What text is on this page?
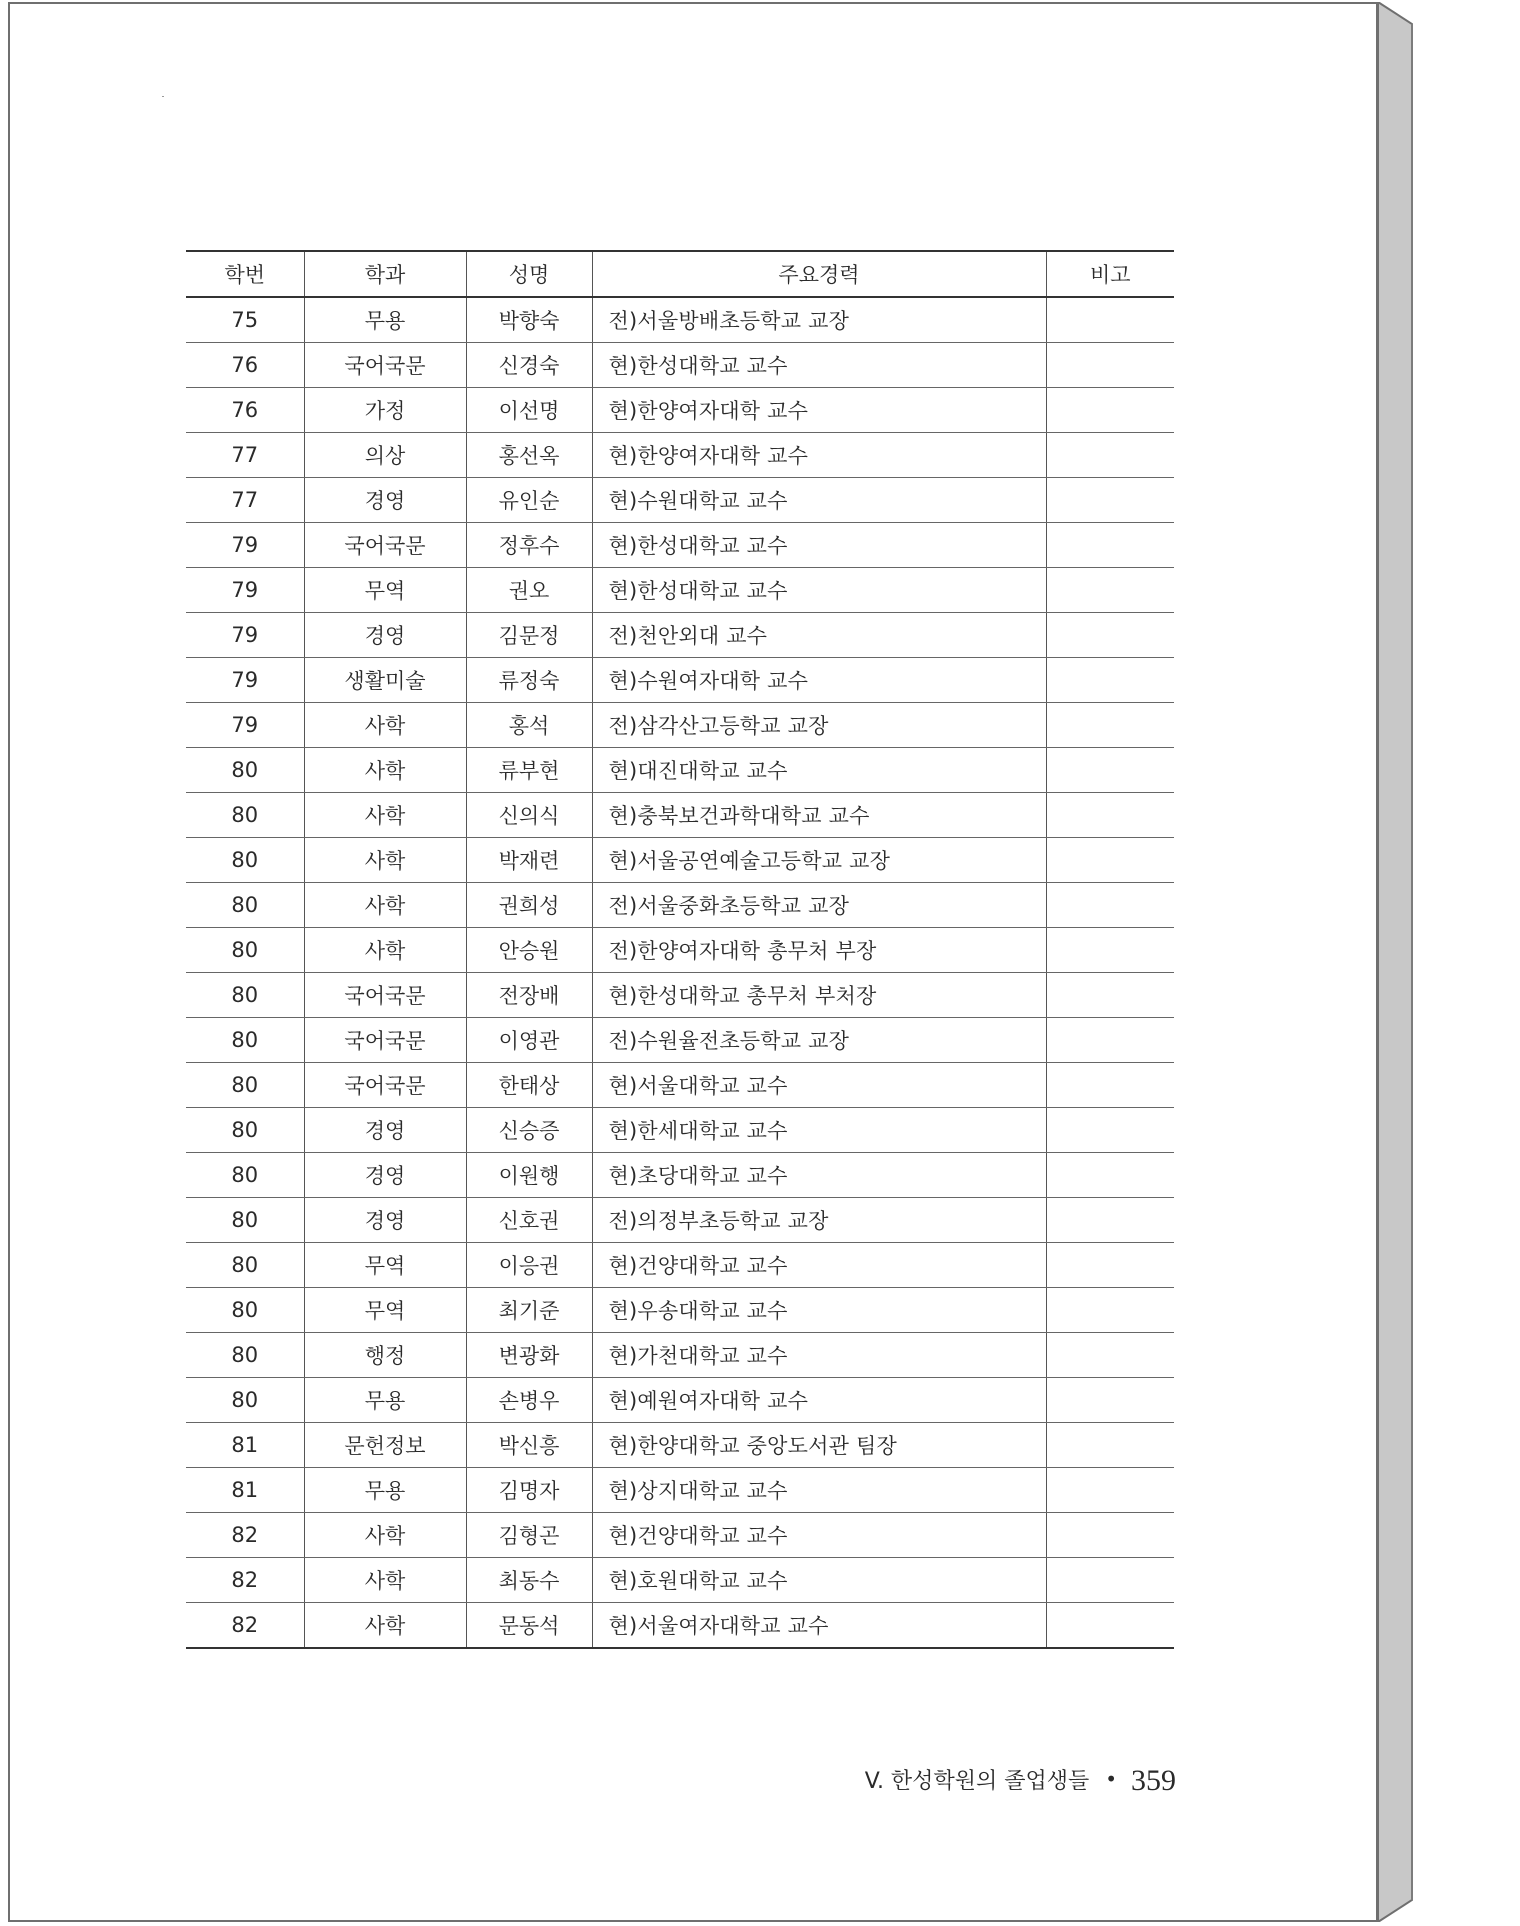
학번	학과	성명	주요경력	비고
75	무용	박향숙	전)서울방배초등학교 교장	
76	국어국문	신경숙	현)한성대학교 교수	
76	가정	이선명	현)한양여자대학 교수	
77	의상	홍선옥	현)한양여자대학 교수	
77	경영	유인순	현)수원대학교 교수	
79	국어국문	정후수	현)한성대학교 교수	
79	무역	권오	현)한성대학교 교수	
79	경영	김문정	전)천안외대 교수	
79	생활미술	류정숙	현)수원여자대학 교수	
79	사학	홍석	전)삼각산고등학교 교장	
80	사학	류부현	현)대진대학교 교수	
80	사학	신의식	현)충북보건과학대학교 교수	
80	사학	박재련	현)서울공연예술고등학교 교장	
80	사학	권희성	전)서울중화초등학교 교장	
80	사학	안승원	전)한양여자대학 총무처 부장	
80	국어국문	전장배	현)한성대학교 총무처 부처장	
80	국어국문	이영관	전)수원율전초등학교 교장	
80	국어국문	한태상	현)서울대학교 교수	
80	경영	신승증	현)한세대학교 교수	
80	경영	이원행	현)초당대학교 교수	
80	경영	신호권	전)의정부초등학교 교장	
80	무역	이응권	현)건양대학교 교수	
80	무역	최기준	현)우송대학교 교수	
80	행정	변광화	현)가천대학교 교수	
80	무용	손병우	현)예원여자대학 교수	
81	문헌정보	박신흥	현)한양대학교 중앙도서관 팀장	
81	무용	김명자	현)상지대학교 교수	
82	사학	김형곤	현)건양대학교 교수	
82	사학	최동수	현)호원대학교 교수	
82	사학	문동석	현)서울여자대학교 교수	
V. 한성학원의 졸업생들 • 359
